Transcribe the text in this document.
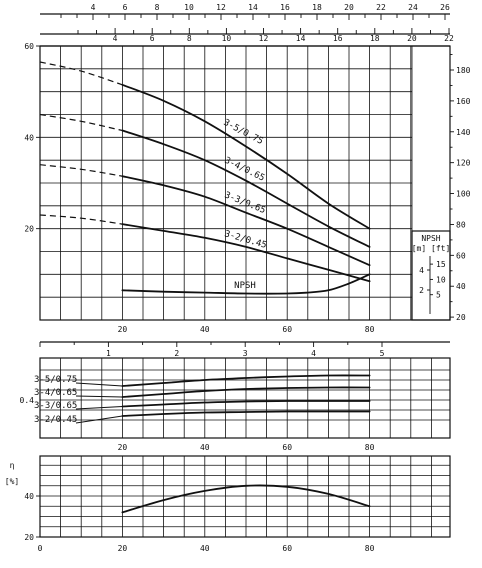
4	6	8	10	12	14	16	18	20	22	24	26
4	6	8	10	12	14	16	18	20	22
20
40
60
20
40
60
80
100
120
140
160
180
20	40	60	80
3-5/0.75
3-4/0.65
3-3/0.65
3-2/0.45
NPSH
0.4
1	2	3	4	5
20	40	60	80
3-5/0.75
3-4/0.65
3-3/0.65
3-2/0.45
20
40
η
[%]
0	20	40	60	80
NPSH
[m] [ft]
2
4
5
10
15
